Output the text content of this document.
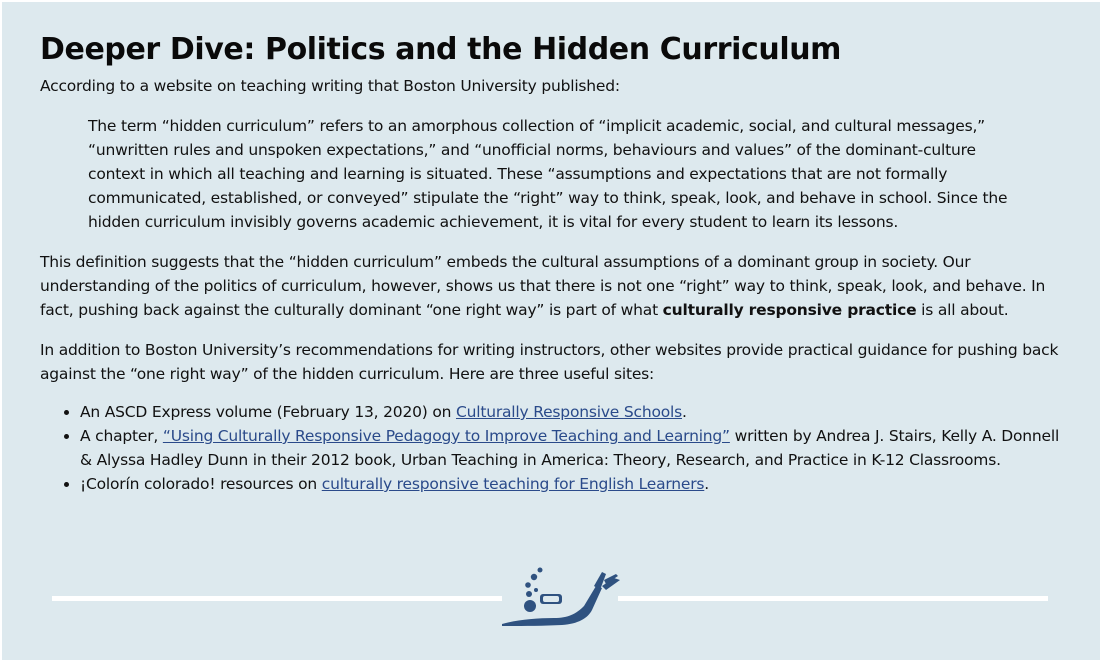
Deeper Dive: Politics and the Hidden Curriculum

According to a website on teaching writing that Boston University published:

The term “hidden curriculum” refers to an amorphous collection of “implicit academic, social, and cultural messages,” “unwritten rules and unspoken expectations,” and “unofficial norms, behaviours and values” of the dominant-culture context in which all teaching and learning is situated. These “assumptions and expectations that are not formally communicated, established, or conveyed” stipulate the “right” way to think, speak, look, and behave in school. Since the hidden curriculum invisibly governs academic achievement, it is vital for every student to learn its lessons.

This definition suggests that the “hidden curriculum” embeds the cultural assumptions of a dominant group in society. Our understanding of the politics of curriculum, however, shows us that there is not one “right” way to think, speak, look, and behave. In fact, pushing back against the culturally dominant “one right way” is part of what culturally responsive practice is all about.

In addition to Boston University’s recommendations for writing instructors, other websites provide practical guidance for pushing back against the “one right way” of the hidden curriculum. Here are three useful sites:

• An ASCD Express volume (February 13, 2020) on Culturally Responsive Schools.
• A chapter, “Using Culturally Responsive Pedagogy to Improve Teaching and Learning” written by Andrea J. Stairs, Kelly A. Donnell & Alyssa Hadley Dunn in their 2012 book, Urban Teaching in America: Theory, Research, and Practice in K-12 Classrooms.
• ¡Colorín colorado! resources on culturally responsive teaching for English Learners.
